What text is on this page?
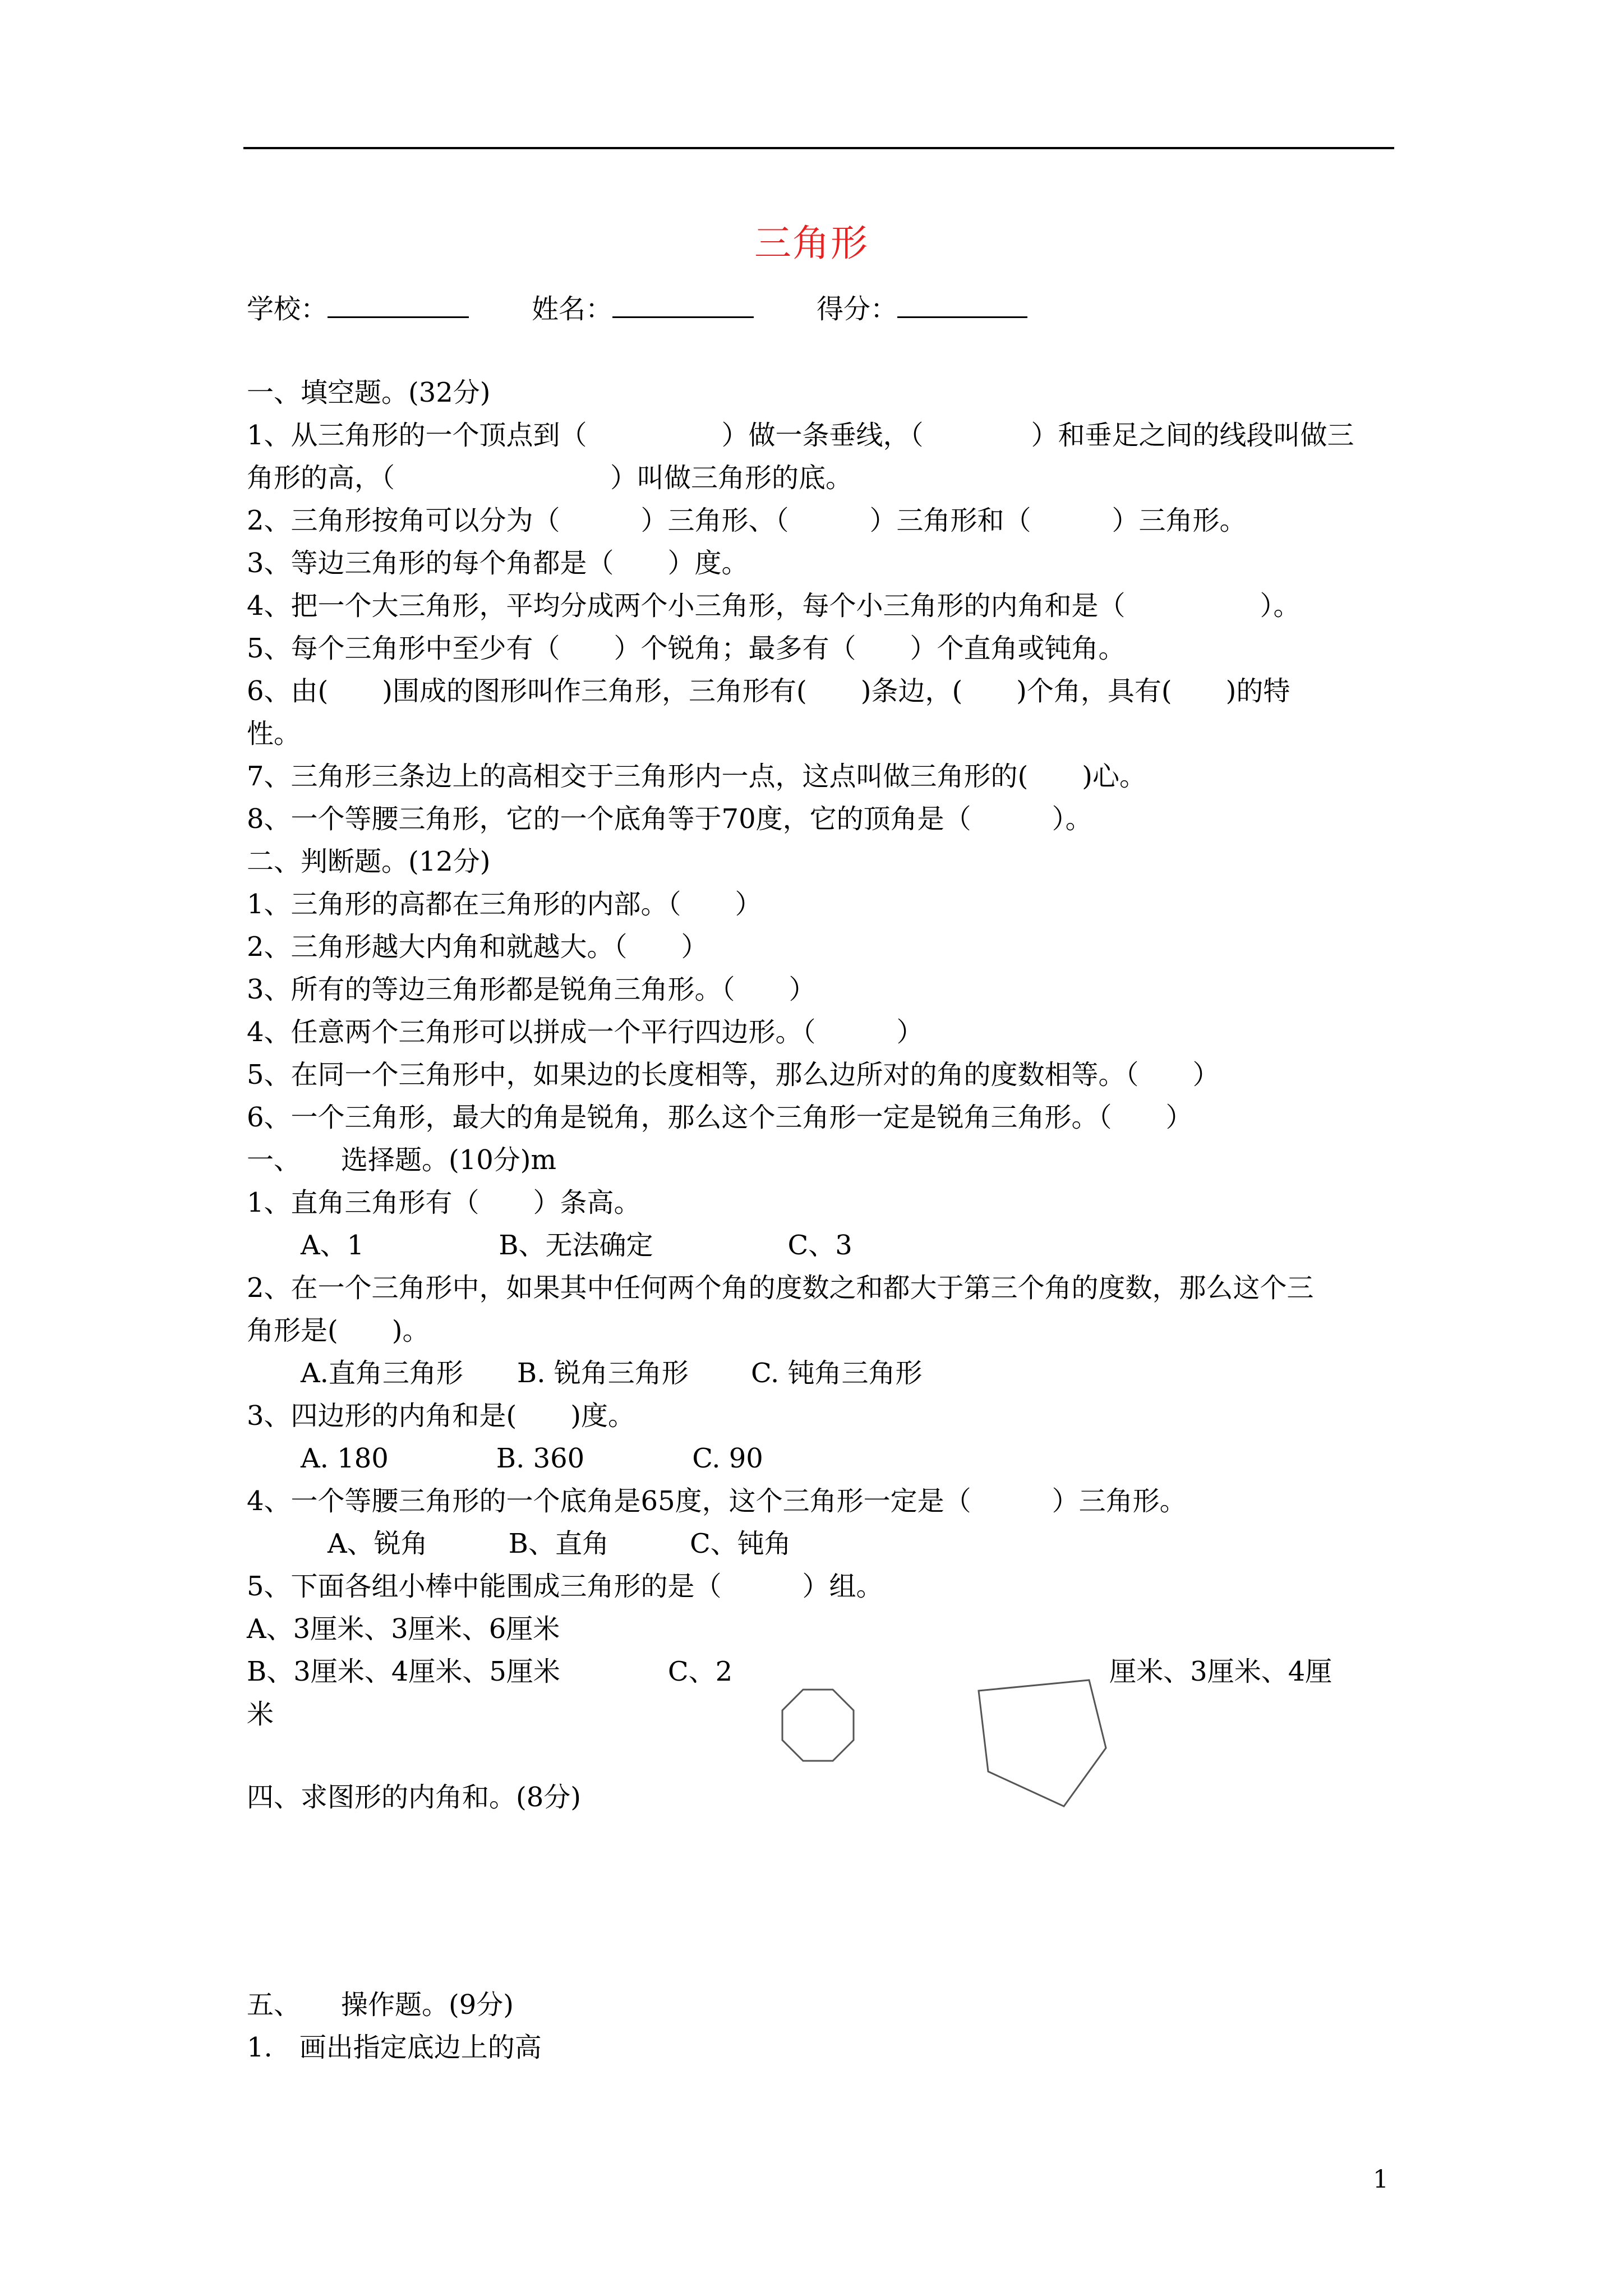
三角形
学校：	姓名：	得分：
一、填空题。(32分)
1、从三角形的一个顶点到（　　　　　）做一条垂线，（　　　　）和垂足之间的线段叫做三
角形的高，（　　　　　　　　）叫做三角形的底。
2、三角形按角可以分为（　　　）三角形、（　　　）三角形和（　　　）三角形。
3、等边三角形的每个角都是（　　）度。
4、把一个大三角形，平均分成两个小三角形，每个小三角形的内角和是（　　　　　）。
5、每个三角形中至少有（　　）个锐角；最多有（　　）个直角或钝角。
6、由(　　)围成的图形叫作三角形，三角形有(　　)条边，(　　)个角，具有(　　)的特
性。
7、三角形三条边上的高相交于三角形内一点，这点叫做三角形的(　　)心。
8、一个等腰三角形，它的一个底角等于70度，它的顶角是（　　　）。
二、判断题。(12分)
1、三角形的高都在三角形的内部。（　　）
2、三角形越大内角和就越大。（　　）
3、所有的等边三角形都是锐角三角形。（　　）
4、任意两个三角形可以拼成一个平行四边形。（　　　）
5、在同一个三角形中，如果边的长度相等，那么边所对的角的度数相等。（　　）
6、一个三角形，最大的角是锐角，那么这个三角形一定是锐角三角形。（　　）
一、　　选择题。(10分)m
1、直角三角形有（　　）条高。
　　A、1　　　　　B、无法确定　　　　　C、3
2、在一个三角形中，如果其中任何两个角的度数之和都大于第三个角的度数，那么这个三
角形是(　　)。
　　A.直角三角形　　B. 锐角三角形　　 C. 钝角三角形
3、四边形的内角和是(　　)度。
　　A. 180　　　　B. 360　　　　C. 90
4、一个等腰三角形的一个底角是65度，这个三角形一定是（　　　）三角形。
　　　A、锐角　　　B、直角　　　C、钝角
5、下面各组小棒中能围成三角形的是（　　　）组。
A、3厘米、3厘米、6厘米
B、3厘米、4厘米、5厘米　　　　C、2　　　　　　　　　　　　　　厘米、3厘米、4厘
米
四、求图形的内角和。(8分)
五、　　操作题。(9分)
1.　画出指定底边上的高
1
